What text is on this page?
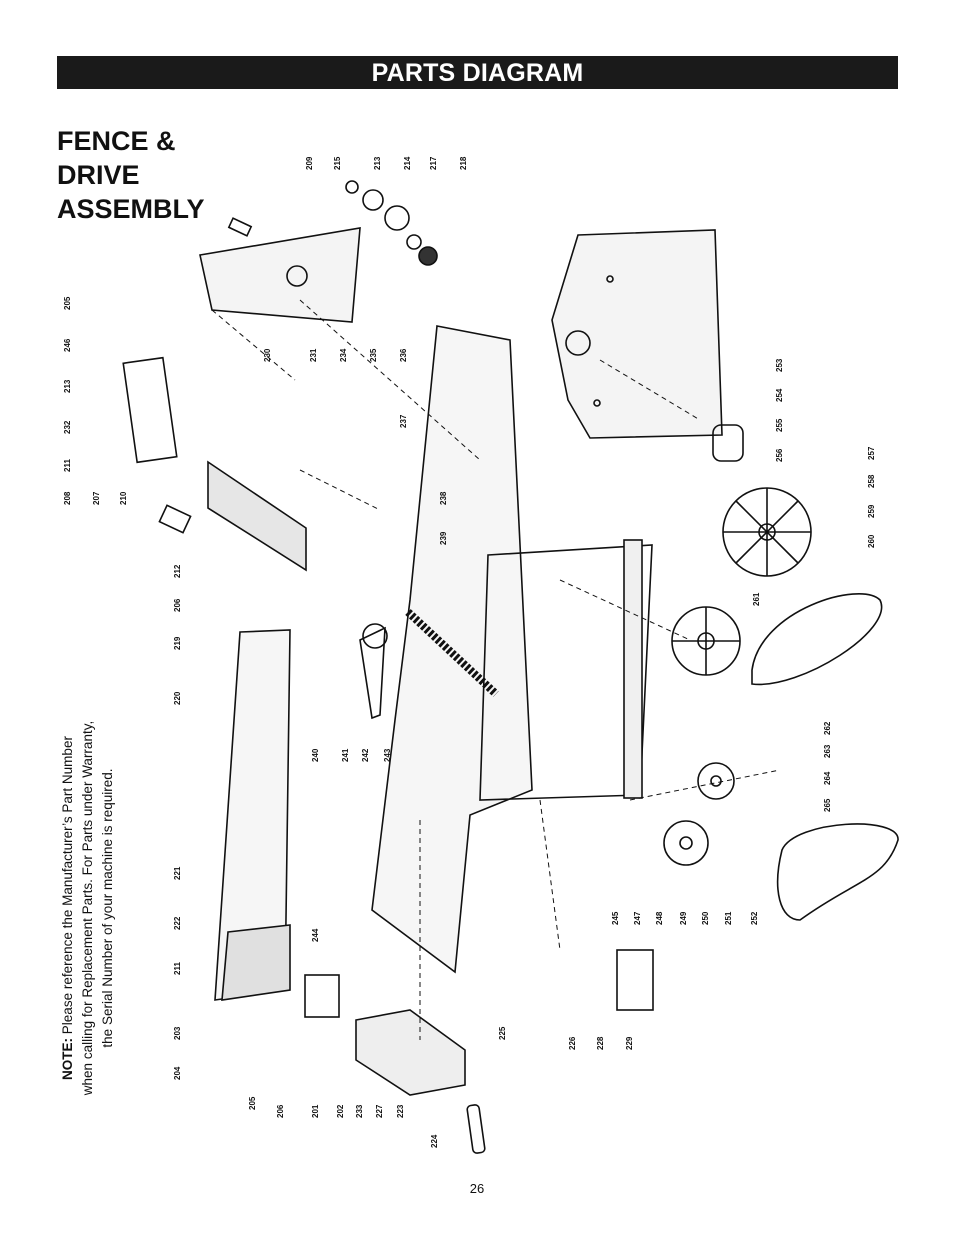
PARTS DIAGRAM
FENCE &
DRIVE
ASSEMBLY
209 215	213	214 217	218
205
246
213
232
211
208	207 210
212
206
219
220
221
222
211
203
204
205
206	201 202 233 227 223
224
225
226 228	229
230	231	234	235	236
237
238
239
240	241 242 243
244
245 247 248 249 250 251 252
253
254
255
256	257
258
259
260
261
262
263
264
265
NOTE: Please reference the Manufacturer’s Part Number when calling for Replacement Parts. For Parts under Warranty, the Serial Number of your machine is required.
26
